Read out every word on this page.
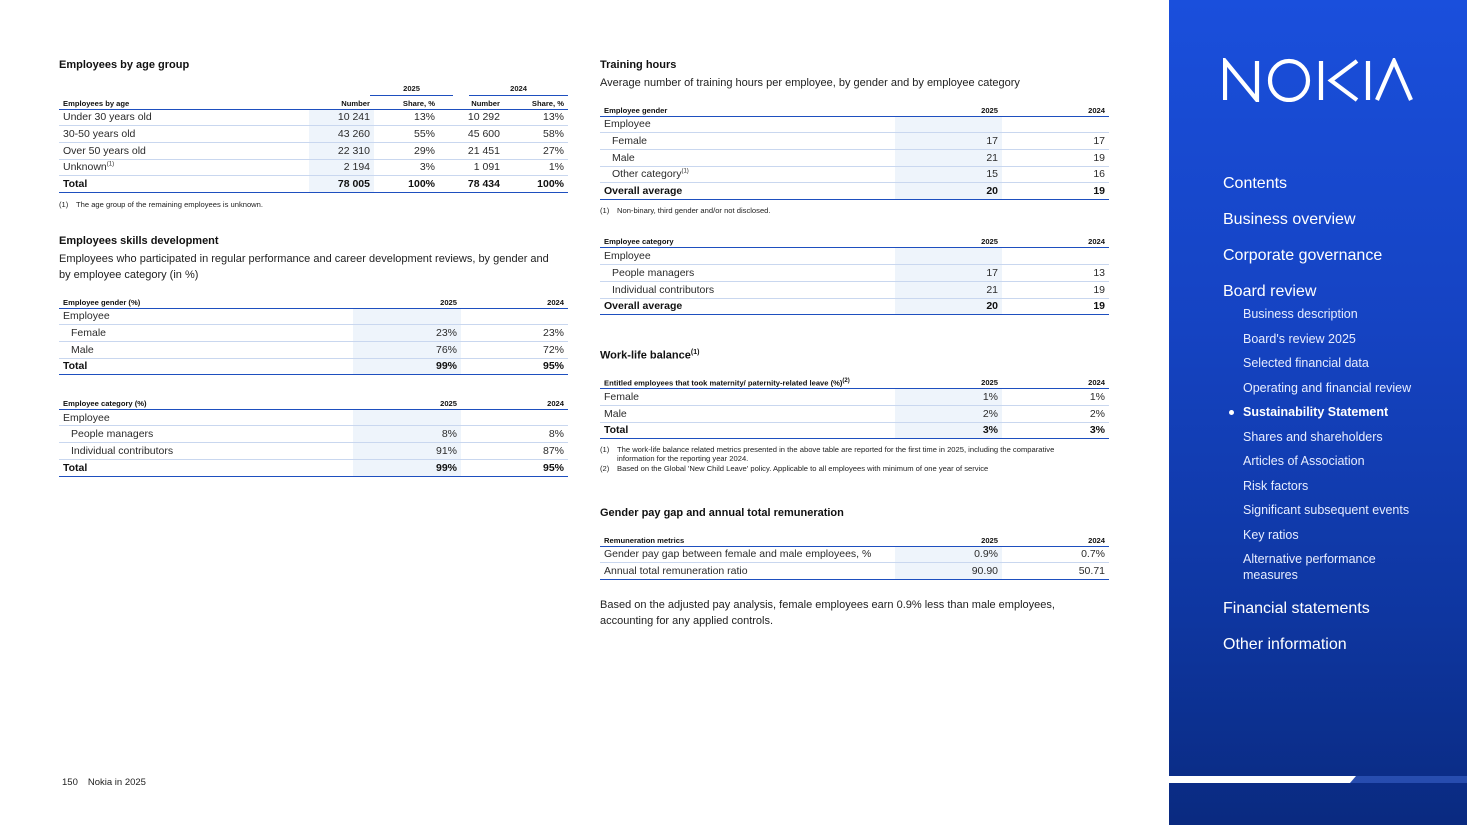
Employees by age group
2025	2024
Employees by age	Number	Share, %	Number	Share, %
Under 30 years old	10 241	13%	10 292	13%
30-50 years old	43 260	55%	45 600	58%
Over 50 years old	22 310	29%	21 451	27%
Unknown$^{(1)}$	2 194	3%	1 091	1%
Total	78 005	100%	78 434	100%
(1)	The age group of the remaining employees is unknown.
Employees skills development

Employees who participated in regular performance and career development reviews, by gender and by employee category (in %)

Employee gender (%)	2025	2024
Employee		
Female	23%	23%
Male	76%	72%
Total	99%	95%
Employee category (%)	2025	2024
Employee		
People managers	8%	8%
Individual contributors	91%	87%
Total	99%	95%
Training hours

Average number of training hours per employee, by gender and by employee category

Employee gender	2025	2024
Employee		
Female	17	17
Male	21	19
Other category$^{(1)}$	15	16
Overall average	20	19
(1)	Non-binary, third gender and/or not disclosed.
Employee category	2025	2024
Employee		
People managers	17	13
Individual contributors	21	19
Overall average	20	19
Work-life balance$^{(1)}$
Entitled employees that took maternity/ paternity-related leave (%)$^{(2)}$	2025	2024
Female	1%	1%
Male	2%	2%
Total	3%	3%
(1)	The work-life balance related metrics presented in the above table are reported for the first time in 2025, including the comparative information for the reporting year 2024.
(2)	Based on the Global 'New Child Leave' policy. Applicable to all employees with minimum of one year of service
Gender pay gap and annual total remuneration
Remuneration metrics	2025	2024
Gender pay gap between female and male employees, %	0.9%	0.7%
Annual total remuneration ratio	90.90	50.71

Based on the adjusted pay analysis, female employees earn 0.9% less than male employees, accounting for any applied controls.

150 Nokia in 2025
Contents
Business overview
Corporate governance
Board review
Business description
Board's review 2025
Selected financial data
Operating and financial review
Sustainability Statement
Shares and shareholders
Articles of Association
Risk factors
Significant subsequent events
Key ratios
Alternative performance measures
Financial statements
Other information
